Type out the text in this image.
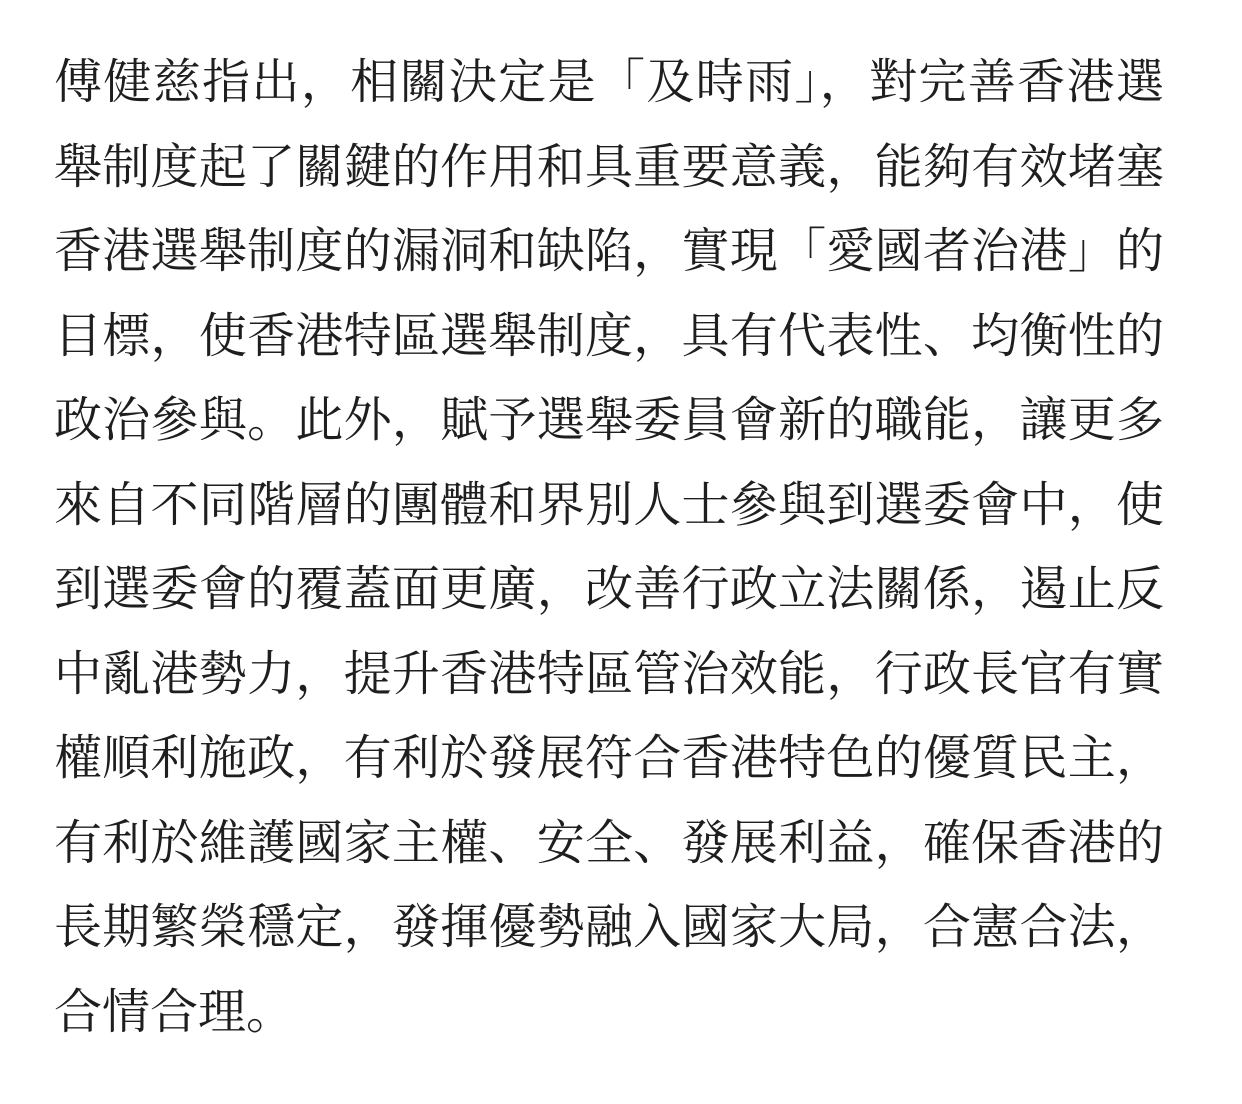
傅健慈指出，相關決定是「及時雨」，對完善香港選
舉制度起了關鍵的作用和具重要意義，能夠有效堵塞
香港選舉制度的漏洞和缺陷，實現「愛國者治港」的
目標，使香港特區選舉制度，具有代表性、均衡性的
政治參與。此外，賦予選舉委員會新的職能，讓更多
來自不同階層的團體和界別人士參與到選委會中，使
到選委會的覆蓋面更廣，改善行政立法關係，遏止反
中亂港勢力，提升香港特區管治效能，行政長官有實
權順利施政，有利於發展符合香港特色的優質民主，
有利於維護國家主權、安全、發展利益，確保香港的
長期繁榮穩定，發揮優勢融入國家大局，合憲合法，
合情合理。
